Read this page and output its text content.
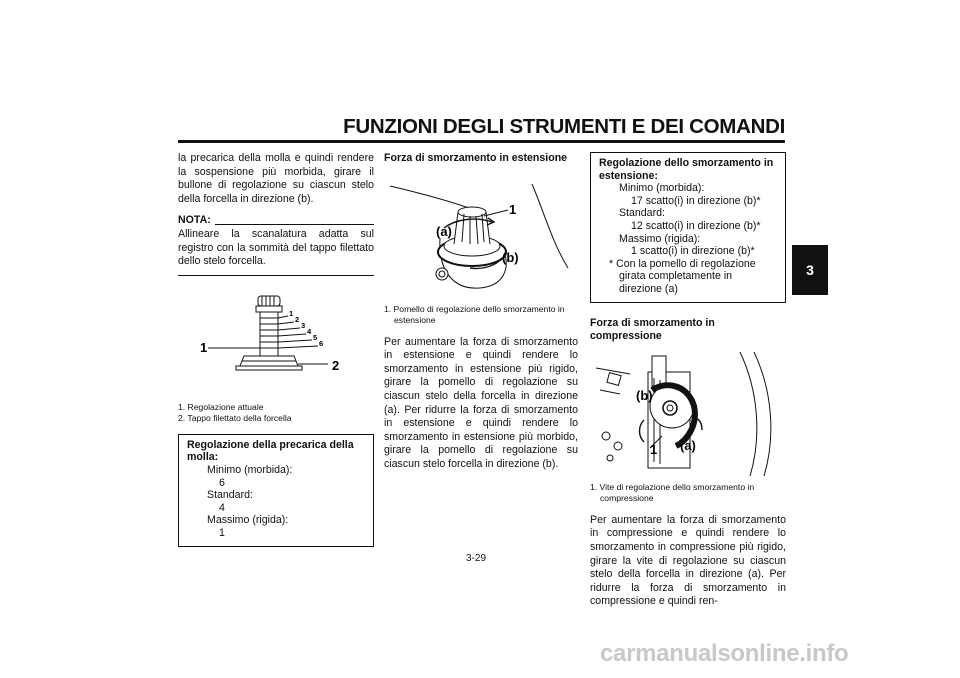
FUNZIONI DEGLI STRUMENTI E DEI COMANDI
3

la precarica della molla e quindi rendere la sospensione più morbida, girare il bullone di regolazione su ciascun stelo della forcella in direzione (b).

NOTA:

Allineare la scanalatura adatta sul registro con la sommità del tappo filettato dello stelo forcella.

1
2
1
2
3
4
5
6
1. Regolazione attuale
2. Tappo filettato della forcella
Regolazione della precarica della molla:
Minimo (morbida):
6
Standard:
4
Massimo (rigida):
1
Forza di smorzamento in estensione
1
(a)
(b)
1. Pomello di regolazione dello smorzamento in estensione

Per aumentare la forza di smorzamento in estensione e quindi rendere lo smorzamento in estensione più rigido, girare la pomello di regolazione su ciascun stelo della forcella in direzione (a). Per ridurre la forza di smorzamento in estensione e quindi rendere lo smorzamento in estensione più morbido, girare la pomello di regolazione su ciascun stelo forcella in direzione (b).

Regolazione dello smorzamento in estensione:
Minimo (morbida):
17 scatto(i) in direzione (b)*
Standard:
12 scatto(i) in direzione (b)*
Massimo (rigida):
1 scatto(i) in direzione (b)*
* Con la pomello di regolazione girata completamente in direzione (a)
Forza di smorzamento in compressione
(b)
1 (a)
1. Vite di regolazione dello smorzamento in compressione

Per aumentare la forza di smorzamento in compressione e quindi rendere lo smorzamento in compressione più rigido, girare la vite di regolazione su ciascun stelo della forcella in direzione (a). Per ridurre la forza di smorzamento in compressione e quindi ren-

3-29
carmanualsonline.info
